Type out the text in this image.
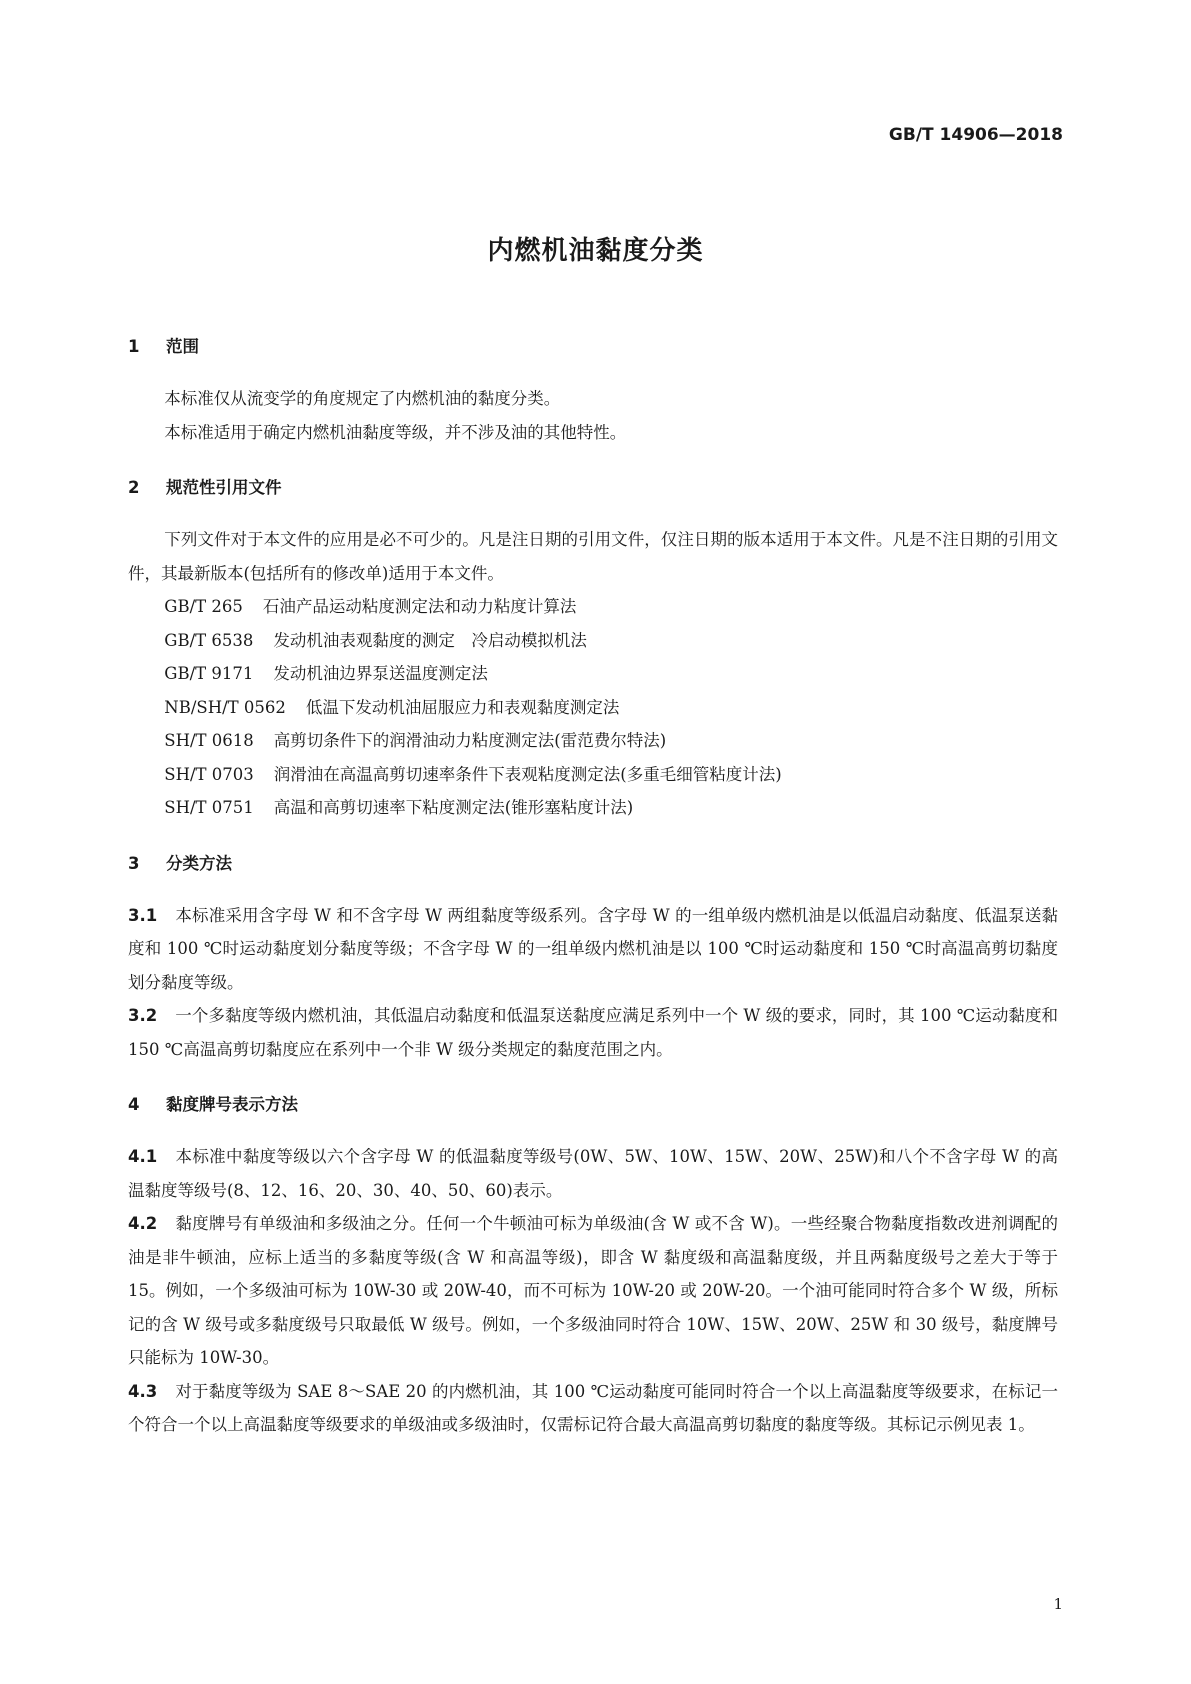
GB/T 14906—2018
内燃机油黏度分类
1 范围

本标准仅从流变学的角度规定了内燃机油的黏度分类。

本标准适用于确定内燃机油黏度等级，并不涉及油的其他特性。

2 规范性引用文件

下列文件对于本文件的应用是必不可少的。凡是注日期的引用文件，仅注日期的版本适用于本文件。凡是不注日期的引用文件，其最新版本(包括所有的修改单)适用于本文件。

GB/T 265 石油产品运动粘度测定法和动力粘度计算法

GB/T 6538 发动机油表观黏度的测定　冷启动模拟机法

GB/T 9171 发动机油边界泵送温度测定法

NB/SH/T 0562 低温下发动机油屈服应力和表观黏度测定法

SH/T 0618 高剪切条件下的润滑油动力粘度测定法(雷范费尔特法)

SH/T 0703 润滑油在高温高剪切速率条件下表观粘度测定法(多重毛细管粘度计法)

SH/T 0751 高温和高剪切速率下粘度测定法(锥形塞粘度计法)

3 分类方法

3.1 本标准采用含字母 W 和不含字母 W 两组黏度等级系列。含字母 W 的一组单级内燃机油是以低温启动黏度、低温泵送黏度和 100 ℃时运动黏度划分黏度等级；不含字母 W 的一组单级内燃机油是以 100 ℃时运动黏度和 150 ℃时高温高剪切黏度划分黏度等级。

3.2 一个多黏度等级内燃机油，其低温启动黏度和低温泵送黏度应满足系列中一个 W 级的要求，同时，其 100 ℃运动黏度和 150 ℃高温高剪切黏度应在系列中一个非 W 级分类规定的黏度范围之内。

4 黏度牌号表示方法

4.1 本标准中黏度等级以六个含字母 W 的低温黏度等级号(0W、5W、10W、15W、20W、25W)和八个不含字母 W 的高温黏度等级号(8、12、16、20、30、40、50、60)表示。

4.2 黏度牌号有单级油和多级油之分。任何一个牛顿油可标为单级油(含 W 或不含 W)。一些经聚合物黏度指数改进剂调配的油是非牛顿油，应标上适当的多黏度等级(含 W 和高温等级)，即含 W 黏度级和高温黏度级，并且两黏度级号之差大于等于 15。例如，一个多级油可标为 10W-30 或 20W-40，而不可标为 10W-20 或 20W-20。一个油可能同时符合多个 W 级，所标记的含 W 级号或多黏度级号只取最低 W 级号。例如，一个多级油同时符合 10W、15W、20W、25W 和 30 级号，黏度牌号只能标为 10W-30。

4.3 对于黏度等级为 SAE 8～SAE 20 的内燃机油，其 100 ℃运动黏度可能同时符合一个以上高温黏度等级要求，在标记一个符合一个以上高温黏度等级要求的单级油或多级油时，仅需标记符合最大高温高剪切黏度的黏度等级。其标记示例见表 1。

1
